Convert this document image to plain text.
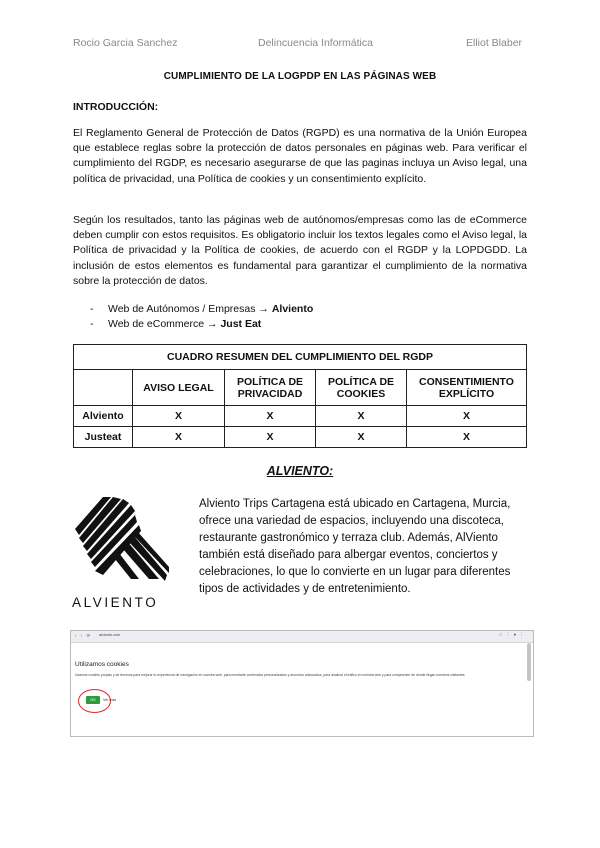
Rocio Garcia Sanchez	Delincuencia Informática	Elliot Blaber
CUMPLIMIENTO DE LA LOGPDP EN LAS PÁGINAS WEB
INTRODUCCIÓN:
El Reglamento General de Protección de Datos (RGPD) es una normativa de la Unión Europea que establece reglas sobre la protección de datos personales en páginas web. Para verificar el cumplimiento del RGDP, es necesario asegurarse de que las paginas incluya un Aviso legal, una política de privacidad, una Política de cookies y un consentimiento explícito.
Según los resultados, tanto las páginas web de autónomos/empresas como las de eCommerce deben cumplir con estos requisitos. Es obligatorio incluir los textos legales como el Aviso legal, la Política de privacidad y la Política de cookies, de acuerdo con el RGDP y la LOPDGDD. La inclusión de estos elementos es fundamental para garantizar el cumplimiento de la normativa sobre la protección de datos.
- Web de Autónomos / Empresas → Alviento
- Web de eCommerce → Just Eat
CUADRO RESUMEN DEL CUMPLIMIENTO DEL RGDP				
	AVISO LEGAL	POLÍTICA DE PRIVACIDAD	POLÍTICA DE COOKIES	CONSENTIMIENTO EXPLÍCITO
Alviento	X	X	X	X
Justeat	X	X	X	X
ALVIENTO:
ALVIENTO
Alviento Trips Cartagena está ubicado en Cartagena, Murcia, ofrece una variedad de espacios, incluyendo una discoteca, restaurante gastronómico y terraza club. Además, AlViento también está diseñado para albergar eventos, conciertos y celebraciones, lo que lo convierte en un lugar para diferentes tipos de actividades y de entretenimiento.
‹ › ⟳ alviento.com	☆ ⋮ ● ⋮
Utilizamos cookies
Usamos cookies propias y de terceros para mejorar tu experiencia de navegación en nuestra web, para mostrarte contenidos personalizados y anuncios adecuados, para analizar el tráfico en nuestra web y para comprender de dónde llegan nuestros visitantes.
OK	Ver más
